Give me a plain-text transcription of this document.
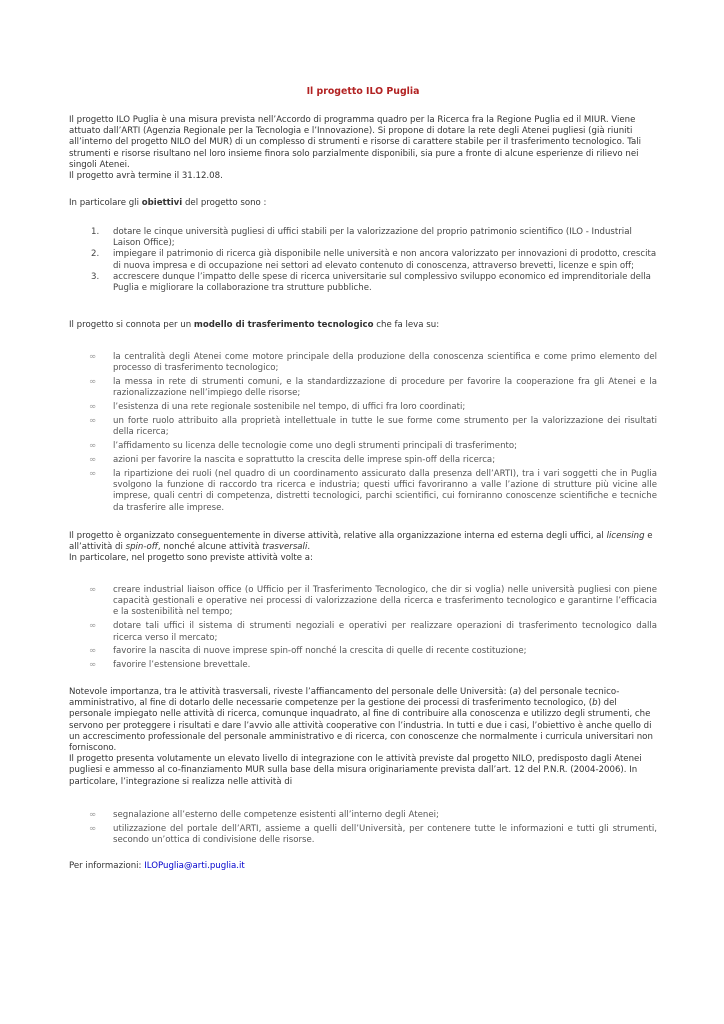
Il progetto ILO Puglia

Il progetto ILO Puglia è una misura prevista nell’Accordo di programma quadro per la Ricerca fra la Regione Puglia ed il MIUR. Viene attuato dall’ARTI (Agenzia Regionale per la Tecnologia e l’Innovazione). Si propone di dotare la rete degli Atenei pugliesi (già riuniti all’interno del progetto NILO del MUR) di un complesso di strumenti e risorse di carattere stabile per il trasferimento tecnologico. Tali strumenti e risorse risultano nel loro insieme finora solo parzialmente disponibili, sia pure a fronte di alcune esperienze di rilievo nei singoli Atenei.
Il progetto avrà termine il 31.12.08.

In particolare gli obiettivi del progetto sono :

1. dotare le cinque università pugliesi di uffici stabili per la valorizzazione del proprio patrimonio scientifico (ILO - Industrial Laison Office);
2. impiegare il patrimonio di ricerca già disponibile nelle università e non ancora valorizzato per innovazioni di prodotto, crescita di nuova impresa e di occupazione nei settori ad elevato contenuto di conoscenza, attraverso brevetti, licenze e spin off;
3. accrescere dunque l’impatto delle spese di ricerca universitarie sul complessivo sviluppo economico ed imprenditoriale della Puglia e migliorare la collaborazione tra strutture pubbliche.

Il progetto si connota per un modello di trasferimento tecnologico che fa leva su:

∞ la centralità degli Atenei come motore principale della produzione della conoscenza scientifica e come primo elemento del processo di trasferimento tecnologico;
∞ la messa in rete di strumenti comuni, e la standardizzazione di procedure per favorire la cooperazione fra gli Atenei e la razionalizzazione nell’impiego delle risorse;
∞ l’esistenza di una rete regionale sostenibile nel tempo, di uffici fra loro coordinati;
∞ un forte ruolo attribuito alla proprietà intellettuale in tutte le sue forme come strumento per la valorizzazione dei risultati della ricerca;
∞ l’affidamento su licenza delle tecnologie come uno degli strumenti principali di trasferimento;
∞ azioni per favorire la nascita e soprattutto la crescita delle imprese spin-off della ricerca;
∞ la ripartizione dei ruoli (nel quadro di un coordinamento assicurato dalla presenza dell’ARTI), tra i vari soggetti che in Puglia svolgono la funzione di raccordo tra ricerca e industria; questi uffici favoriranno a valle l’azione di strutture più vicine alle imprese, quali centri di competenza, distretti tecnologici, parchi scientifici, cui forniranno conoscenze scientifiche e tecniche da trasferire alle imprese.

Il progetto è organizzato conseguentemente in diverse attività, relative alla organizzazione interna ed esterna degli uffici, al licensing e all’attività di spin-off, nonché alcune attività trasversali.
In particolare, nel progetto sono previste attività volte a:

∞ creare industrial liaison office (o Ufficio per il Trasferimento Tecnologico, che dir si voglia) nelle università pugliesi con piene capacità gestionali e operative nei processi di valorizzazione della ricerca e trasferimento tecnologico e garantirne l’efficacia e la sostenibilità nel tempo;
∞ dotare tali uffici il sistema di strumenti negoziali e operativi per realizzare operazioni di trasferimento tecnologico dalla ricerca verso il mercato;
∞ favorire la nascita di nuove imprese spin-off nonché la crescita di quelle di recente costituzione;
∞ favorire l’estensione brevettale.

Notevole importanza, tra le attività trasversali, riveste l’affiancamento del personale delle Università: (a) del personale tecnico-amministrativo, al fine di dotarlo delle necessarie competenze per la gestione dei processi di trasferimento tecnologico, (b) del personale impiegato nelle attività di ricerca, comunque inquadrato, al fine di contribuire alla conoscenza e utilizzo degli strumenti, che servono per proteggere i risultati e dare l’avvio alle attività cooperative con l’industria. In tutti e due i casi, l’obiettivo è anche quello di un accrescimento professionale del personale amministrativo e di ricerca, con conoscenze che normalmente i curricula universitari non forniscono.
Il progetto presenta volutamente un elevato livello di integrazione con le attività previste dal progetto NILO, predisposto dagli Atenei pugliesi e ammesso al co-finanziamento MUR sulla base della misura originariamente prevista dall’art. 12 del P.N.R. (2004-2006). In particolare, l’integrazione si realizza nelle attività di

∞ segnalazione all’esterno delle competenze esistenti all’interno degli Atenei;
∞ utilizzazione del portale dell’ARTI, assieme a quelli dell’Università, per contenere tutte le informazioni e tutti gli strumenti, secondo un’ottica di condivisione delle risorse.

Per informazioni: ILOPuglia@arti.puglia.it
